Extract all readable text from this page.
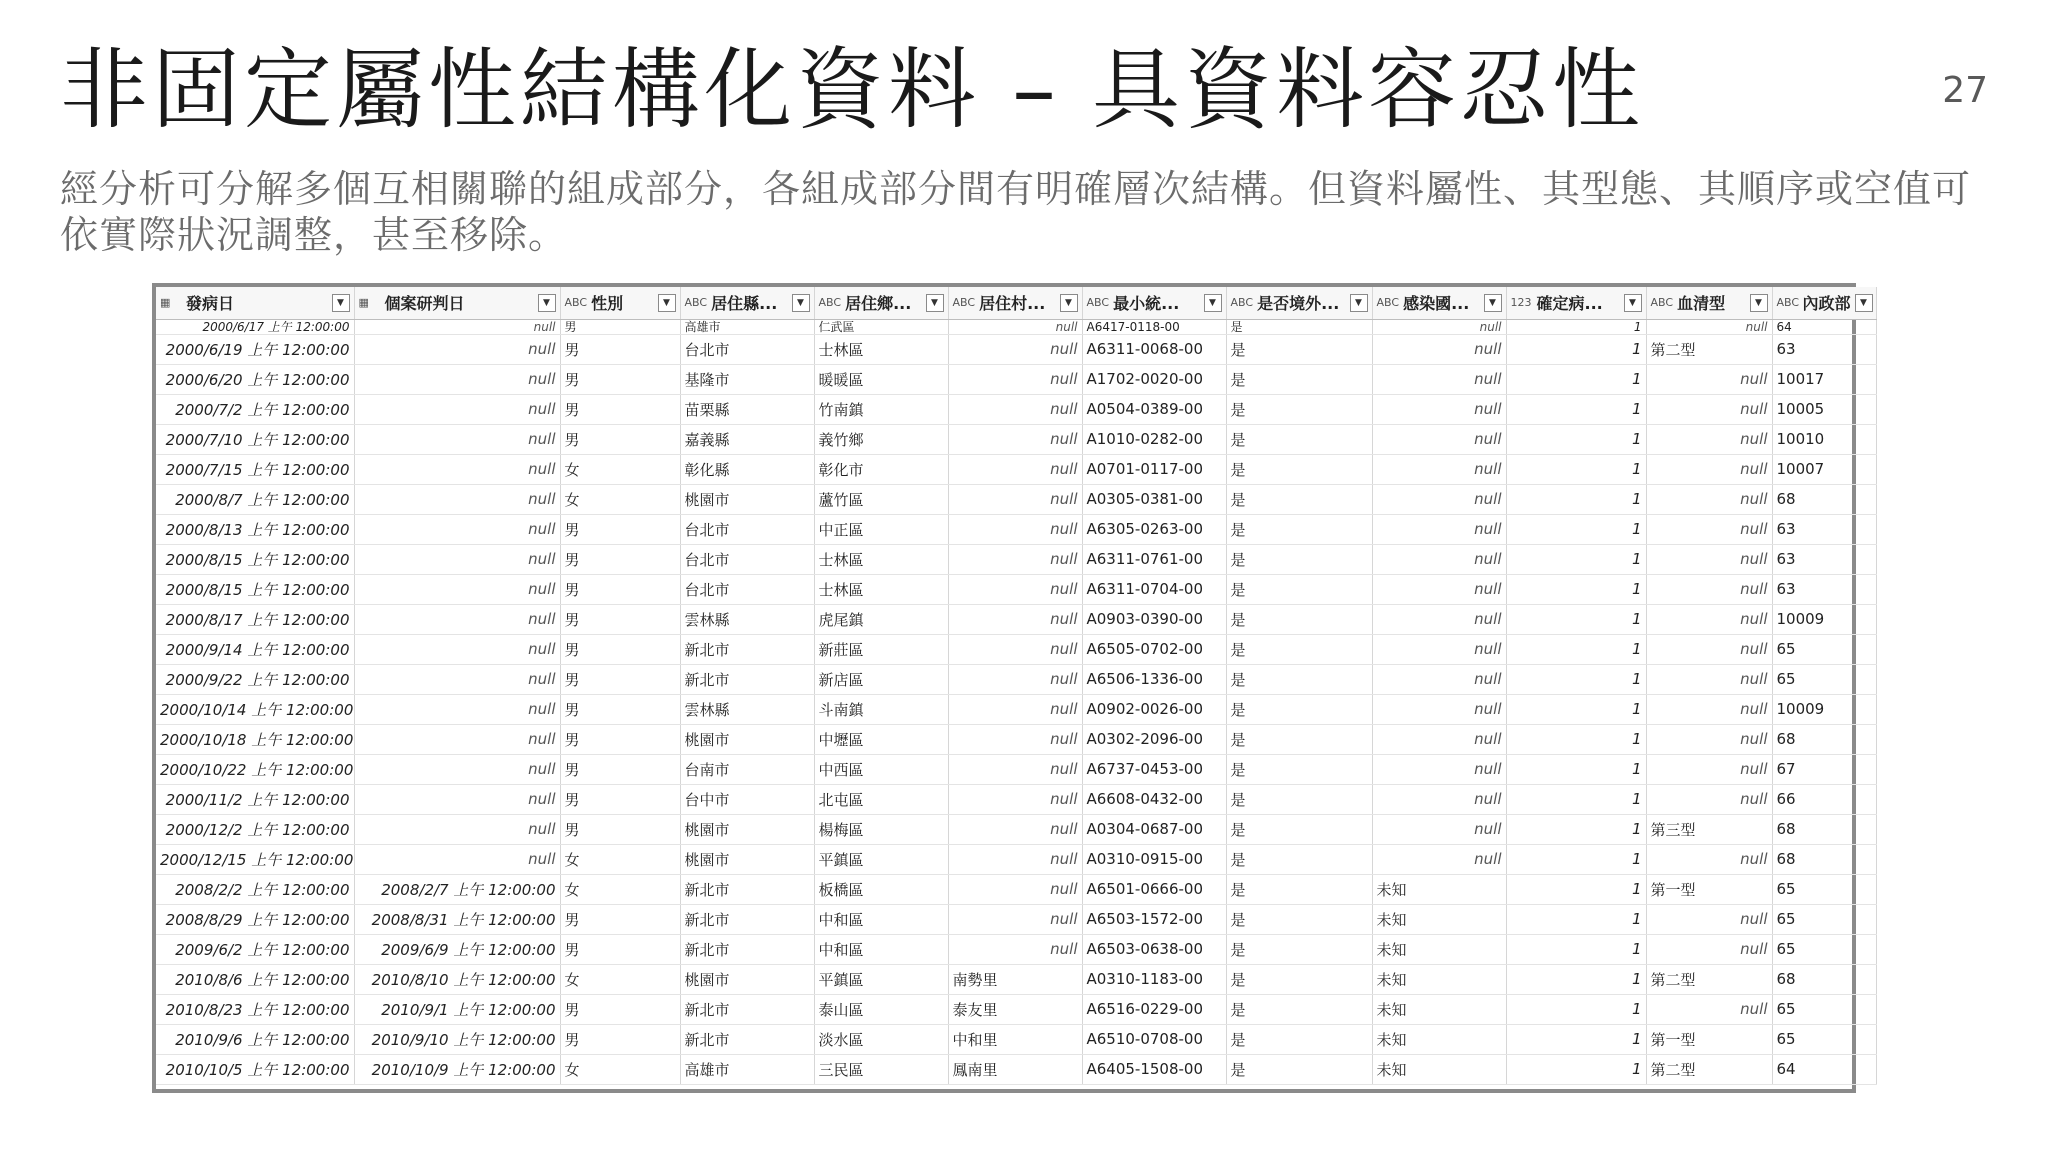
非固定屬性結構化資料 – 具資料容忍性	27
經分析可分解多個互相關聯的組成部分，各組成部分間有明確層次結構。但資料屬性、其型態、其順序或空值可依實際狀況調整，甚至移除。
▦ 發病日 ▼	▦ 個案研判日 ▼	ABC 性別 ▼	ABC 居住縣... ▼	ABC 居住鄉... ▼	ABC 居住村... ▼	ABC 最小統... ▼	ABC 是否境外... ▼	ABC 感染國... ▼	123 確定病... ▼	ABC 血清型 ▼	ABC 內政部 ▼

2000/6/17 上午 12:00:00	null	男	高雄市	仁武區	null	A6417-0118-00	是	null	1	null	64
2000/6/19 上午 12:00:00	null	男	台北市	士林區	null	A6311-0068-00	是	null	1	第二型	63
2000/6/20 上午 12:00:00	null	男	基隆市	暖暖區	null	A1702-0020-00	是	null	1	null	10017
2000/7/2 上午 12:00:00	null	男	苗栗縣	竹南鎮	null	A0504-0389-00	是	null	1	null	10005
2000/7/10 上午 12:00:00	null	男	嘉義縣	義竹鄉	null	A1010-0282-00	是	null	1	null	10010
2000/7/15 上午 12:00:00	null	女	彰化縣	彰化市	null	A0701-0117-00	是	null	1	null	10007
2000/8/7 上午 12:00:00	null	女	桃園市	蘆竹區	null	A0305-0381-00	是	null	1	null	68
2000/8/13 上午 12:00:00	null	男	台北市	中正區	null	A6305-0263-00	是	null	1	null	63
2000/8/15 上午 12:00:00	null	男	台北市	士林區	null	A6311-0761-00	是	null	1	null	63
2000/8/15 上午 12:00:00	null	男	台北市	士林區	null	A6311-0704-00	是	null	1	null	63
2000/8/17 上午 12:00:00	null	男	雲林縣	虎尾鎮	null	A0903-0390-00	是	null	1	null	10009
2000/9/14 上午 12:00:00	null	男	新北市	新莊區	null	A6505-0702-00	是	null	1	null	65
2000/9/22 上午 12:00:00	null	男	新北市	新店區	null	A6506-1336-00	是	null	1	null	65
2000/10/14 上午 12:00:00	null	男	雲林縣	斗南鎮	null	A0902-0026-00	是	null	1	null	10009
2000/10/18 上午 12:00:00	null	男	桃園市	中壢區	null	A0302-2096-00	是	null	1	null	68
2000/10/22 上午 12:00:00	null	男	台南市	中西區	null	A6737-0453-00	是	null	1	null	67
2000/11/2 上午 12:00:00	null	男	台中市	北屯區	null	A6608-0432-00	是	null	1	null	66
2000/12/2 上午 12:00:00	null	男	桃園市	楊梅區	null	A0304-0687-00	是	null	1	第三型	68
2000/12/15 上午 12:00:00	null	女	桃園市	平鎮區	null	A0310-0915-00	是	null	1	null	68
2008/2/2 上午 12:00:00	2008/2/7 上午 12:00:00	女	新北市	板橋區	null	A6501-0666-00	是	未知	1	第一型	65
2008/8/29 上午 12:00:00	2008/8/31 上午 12:00:00	男	新北市	中和區	null	A6503-1572-00	是	未知	1	null	65
2009/6/2 上午 12:00:00	2009/6/9 上午 12:00:00	男	新北市	中和區	null	A6503-0638-00	是	未知	1	null	65
2010/8/6 上午 12:00:00	2010/8/10 上午 12:00:00	女	桃園市	平鎮區	南勢里	A0310-1183-00	是	未知	1	第二型	68
2010/8/23 上午 12:00:00	2010/9/1 上午 12:00:00	男	新北市	泰山區	泰友里	A6516-0229-00	是	未知	1	null	65
2010/9/6 上午 12:00:00	2010/9/10 上午 12:00:00	男	新北市	淡水區	中和里	A6510-0708-00	是	未知	1	第一型	65
2010/10/5 上午 12:00:00	2010/10/9 上午 12:00:00	女	高雄市	三民區	鳳南里	A6405-1508-00	是	未知	1	第二型	64
